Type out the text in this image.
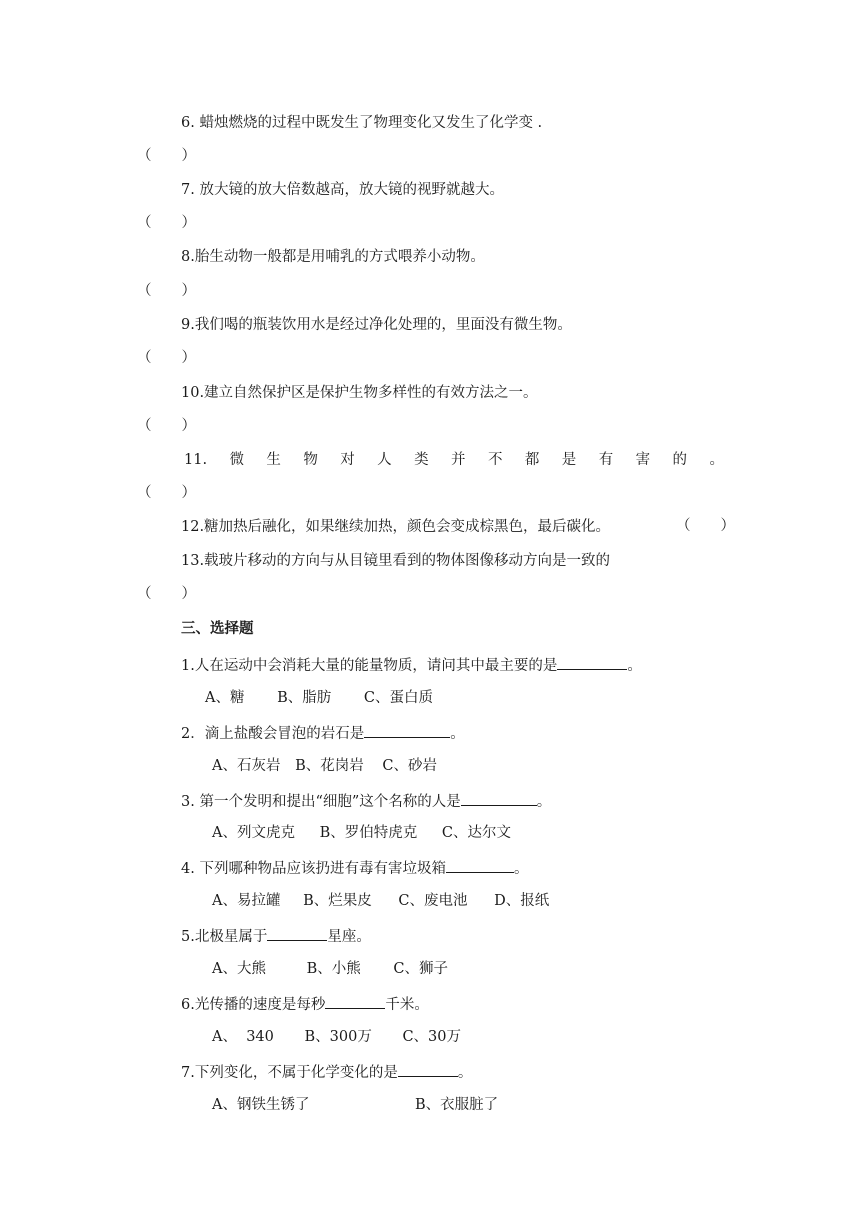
6. 蜡烛燃烧的过程中既发生了物理变化又发生了化学变 .
（ ）
7. 放大镜的放大倍数越高，放大镜的视野就越大。
（ ）
8.胎生动物一般都是用哺乳的方式喂养小动物。
（ ）
9.我们喝的瓶装饮用水是经过净化处理的，里面没有微生物。
（ ）
10.建立自然保护区是保护生物多样性的有效方法之一。
（ ）
11. 微 生 物 对 人 类 并 不 都 是 有 害 的 。
（ ）
12.糖加热后融化，如果继续加热，颜色会变成棕黑色，最后碳化。	（ ）
13.载玻片移动的方向与从目镜里看到的物体图像移动方向是一致的
（ ）
三、选择题
1.人在运动中会消耗大量的能量物质，请问其中最主要的是	。
A、糖 B、脂肪 C、蛋白质
2．滴上盐酸会冒泡的岩石是	。
A、石灰岩 B、花岗岩 C、砂岩
3. 第一个发明和提出“细胞”这个名称的人是	。
A、列文虎克 B、罗伯特虎克 C、达尔文
4. 下列哪种物品应该扔进有毒有害垃圾箱	。
A、易拉罐 B、烂果皮 C、废电池 D、报纸
5.北极星属于	星座。
A、大熊	B、小熊 C、狮子
6.光传播的速度是每秒	千米。
A、  340 B、300万 C、30万
7.下列变化，不属于化学变化的是	。
A、钢铁生锈了	B、衣服脏了
